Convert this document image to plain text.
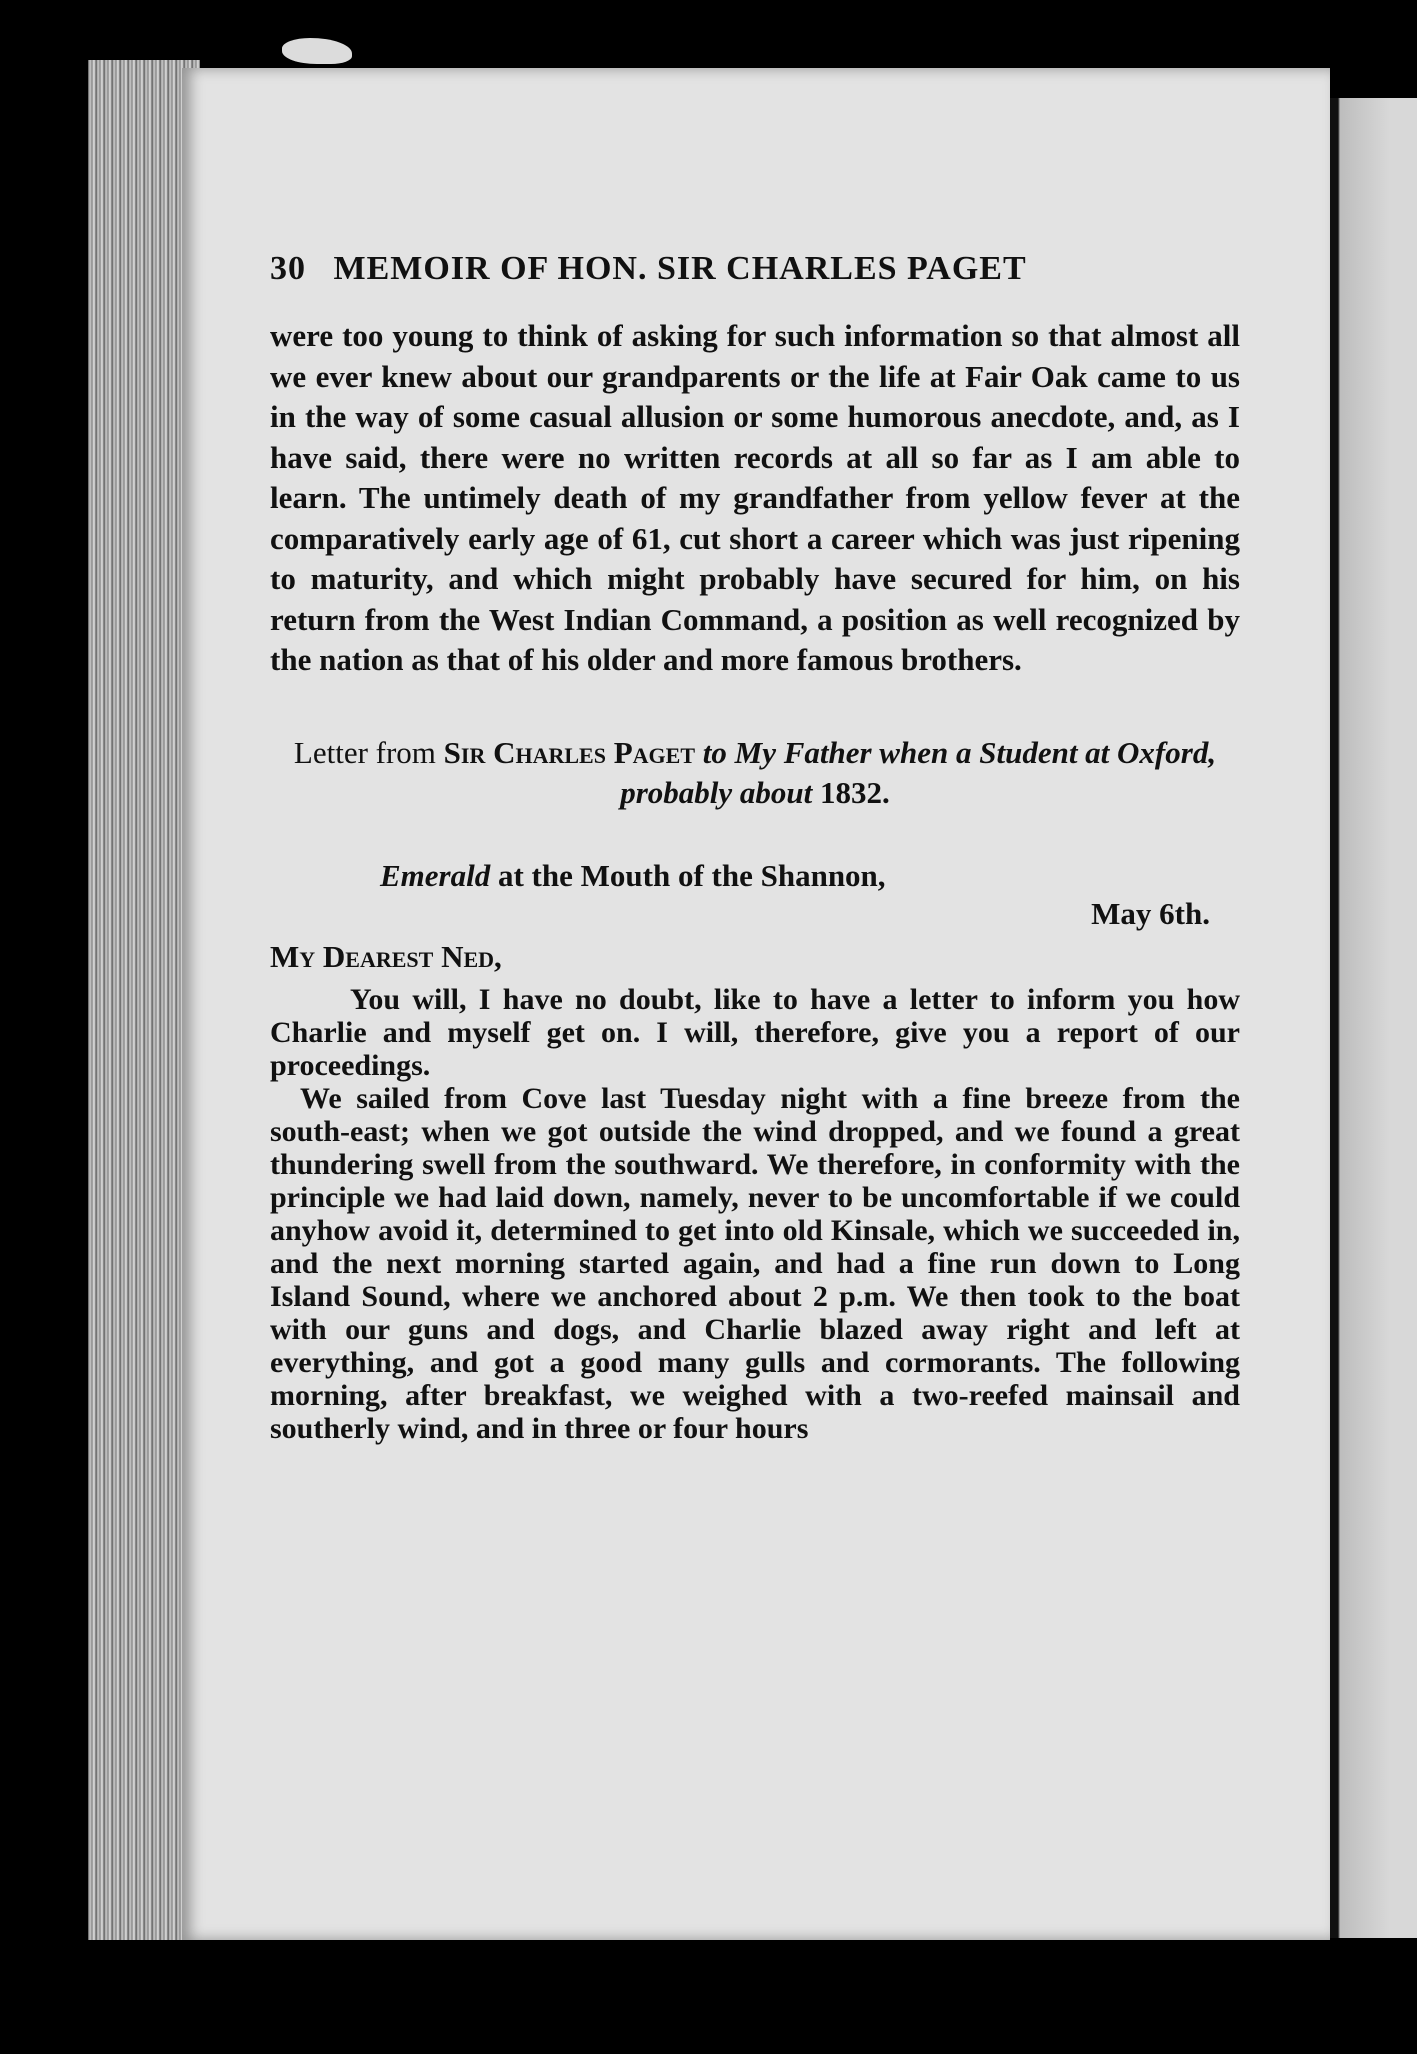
30 MEMOIR OF HON. SIR CHARLES PAGET

were too young to think of asking for such information so that almost all we ever knew about our grandparents or the life at Fair Oak came to us in the way of some casual allusion or some humorous anecdote, and, as I have said, there were no written records at all so far as I am able to learn. The untimely death of my grandfather from yellow fever at the comparatively early age of 61, cut short a career which was just ripening to maturity, and which might probably have secured for him, on his return from the West Indian Command, a position as well recognized by the nation as that of his older and more famous brothers.

Letter from Sir Charles Paget to My Father when a Student at Oxford, probably about 1832.
Emerald at the Mouth of the Shannon,
May 6th.
My Dearest Ned,

You will, I have no doubt, like to have a letter to inform you how Charlie and myself get on. I will, therefore, give you a report of our proceedings.

We sailed from Cove last Tuesday night with a fine breeze from the south-east; when we got outside the wind dropped, and we found a great thundering swell from the southward. We therefore, in conformity with the principle we had laid down, namely, never to be uncomfortable if we could anyhow avoid it, determined to get into old Kinsale, which we succeeded in, and the next morning started again, and had a fine run down to Long Island Sound, where we anchored about 2 p.m. We then took to the boat with our guns and dogs, and Charlie blazed away right and left at everything, and got a good many gulls and cormorants. The following morning, after breakfast, we weighed with a two-reefed mainsail and southerly wind, and in three or four hours
